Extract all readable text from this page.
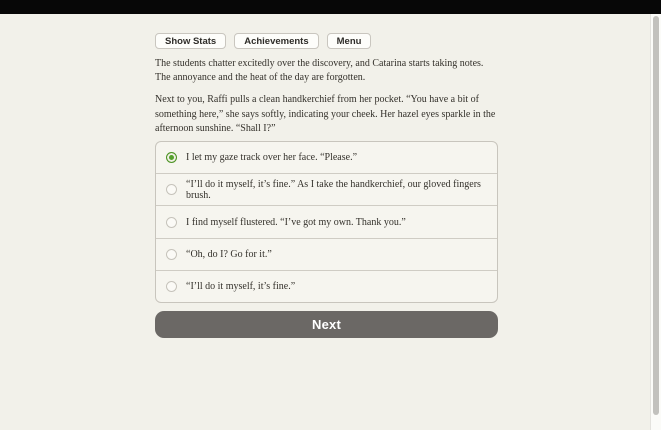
Show Stats	Achievements	Menu

The students chatter excitedly over the discovery, and Catarina starts taking notes. The annoyance and the heat of the day are forgotten.

Next to you, Raffi pulls a clean handkerchief from her pocket. “You have a bit of something here,” she says softly, indicating your cheek. Her hazel eyes sparkle in the afternoon sunshine. “Shall I?”

I let my gaze track over her face. “Please.”
“I’ll do it myself, it’s fine.” As I take the handkerchief, our gloved fingers brush.
I find myself flustered. “I’ve got my own. Thank you.”
“Oh, do I? Go for it.”
“I’ll do it myself, it’s fine.”
Next
